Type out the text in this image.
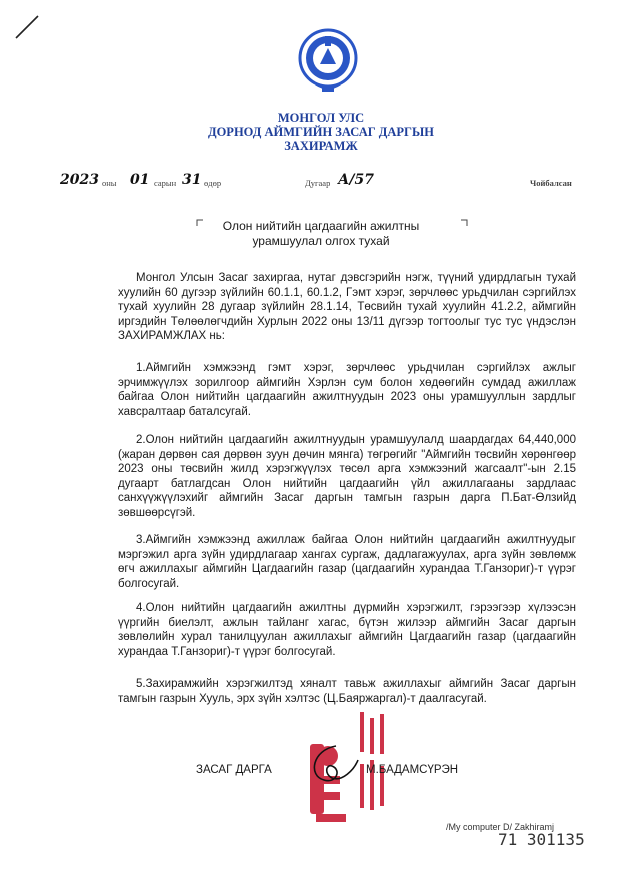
МОНГОЛ УЛС
ДОРНОД АЙМГИЙН ЗАСАГ ДАРГЫН
ЗАХИРАМЖ
2023 оны 01 сарын 31 өдөр	Дугаар А/57	Чойбалсан
Олон нийтийн цагдаагийн ажилтны
урамшуулал олгох тухай
Монгол Улсын Засаг захиргаа, нутаг дэвсгэрийн нэгж, түүний удирдлагын тухай хуулийн 60 дугээр зүйлийн 60.1.1, 60.1.2, Гэмт хэрэг, зөрчлөөс урьдчилан сэргийлэх тухай хуулийн 28 дугаар зүйлийн 28.1.14, Төсвийн тухай хуулийн 41.2.2, аймгийн иргэдийн Төлөөлөгчдийн Хурлын 2022 оны 13/11 дүгээр тогтоолыг тус тус үндэслэн ЗАХИРАМЖЛАХ нь:
1.Аймгийн хэмжээнд гэмт хэрэг, зөрчлөөс урьдчилан сэргийлэх ажлыг эрчимжүүлэх зорилгоор аймгийн Хэрлэн сум болон хөдөөгийн сумдад ажиллаж байгаа Олон нийтийн цагдаагийн ажилтнуудын 2023 оны урамшууллын зардлыг хавсралтаар баталсугай.
2.Олон нийтийн цагдаагийн ажилтнуудын урамшуулалд шаардагдах 64,440,000 (жаран дөрвөн сая дөрвөн зуун дөчин мянга) төгрөгийг "Аймгийн төсвийн хөрөнгөөр 2023 оны төсвийн жилд хэрэгжүүлэх төсөл арга хэмжээний жагсаалт"-ын 2.15 дугаарт батлагдсан Олон нийтийн цагдаагийн үйл ажиллагааны зардлаас санхүүжүүлэхийг аймгийн Засаг даргын тамгын газрын дарга П.Бат-Өлзийд зөвшөөрсүгэй.
3.Аймгийн хэмжээнд ажиллаж байгаа Олон нийтийн цагдаагийн ажилтнуудыг мэргэжил арга зүйн удирдлагаар хангах сургаж, дадлагажуулах, арга зүйн зөвлөмж өгч ажиллахыг аймгийн Цагдаагийн газар (цагдаагийн хурандаа Т.Ганзориг)-т үүрэг болгосугай.
4.Олон нийтийн цагдаагийн ажилтны дүрмийн хэрэгжилт, гэрээгээр хүлээсэн үүргийн биелэлт, ажлын тайланг хагас, бүтэн жилээр аймгийн Засаг даргын зөвлөлийн хурал танилцуулан ажиллахыг аймгийн Цагдаагийн газар (цагдаагийн хурандаа Т.Ганзориг)-т үүрэг болгосугай.
5.Захирамжийн хэрэгжилтэд хяналт тавьж ажиллахыг аймгийн Засаг даргын тамгын газрын Хууль, эрх зүйн хэлтэс (Ц.Баяржаргал)-т даалгасугай.
ЗАСАГ ДАРГА	М.БАДАМСҮРЭН
/My computer D/ Zakhiramj
71 301135
